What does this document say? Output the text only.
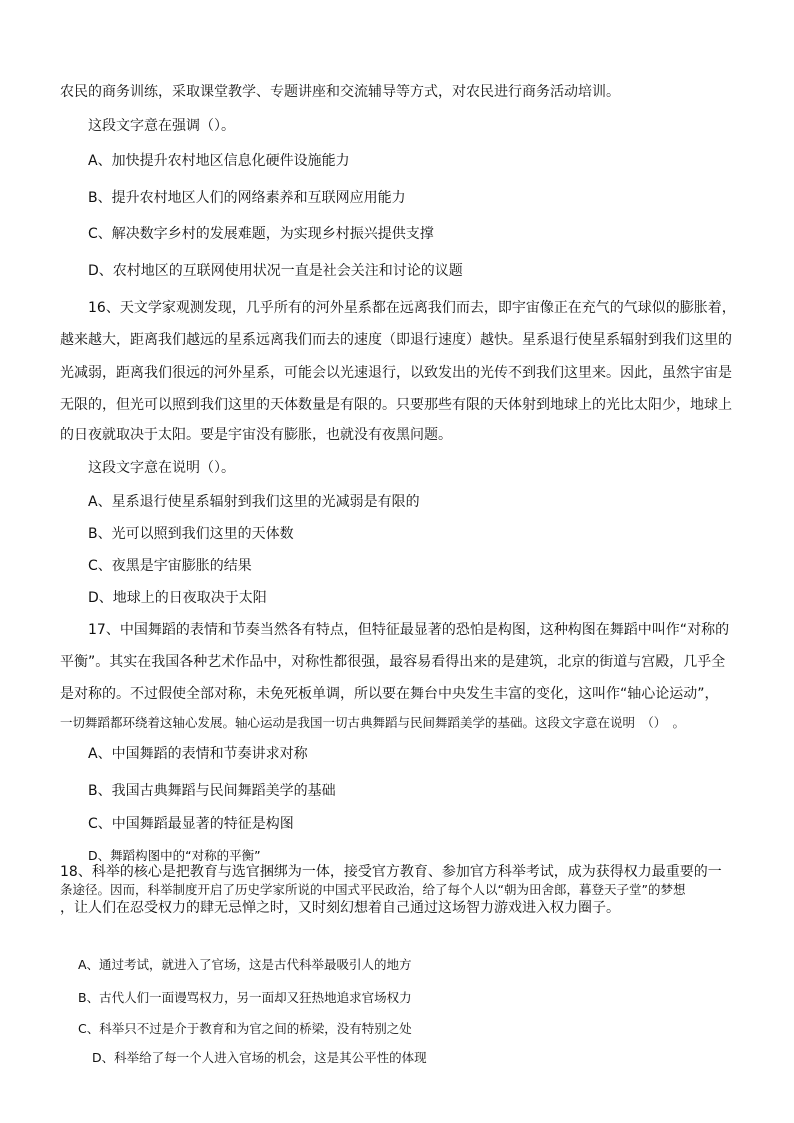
农民的商务训练，采取课堂教学、专题讲座和交流辅导等方式，对农民进行商务活动培训。
这段文字意在强调（）。
A、加快提升农村地区信息化硬件设施能力
B、提升农村地区人们的网络素养和互联网应用能力
C、解决数字乡村的发展难题，为实现乡村振兴提供支撑
D、农村地区的互联网使用状况一直是社会关注和讨论的议题
16、天文学家观测发现，几乎所有的河外星系都在远离我们而去，即宇宙像正在充气的气球似的膨胀着，
越来越大，距离我们越远的星系远离我们而去的速度（即退行速度）越快。星系退行使星系辐射到我们这里的
光减弱，距离我们很远的河外星系，可能会以光速退行，以致发出的光传不到我们这里来。因此，虽然宇宙是
无限的，但光可以照到我们这里的天体数量是有限的。只要那些有限的天体射到地球上的光比太阳少，地球上
的日夜就取决于太阳。要是宇宙没有膨胀，也就没有夜黑问题。
这段文字意在说明（）。
A、星系退行使星系辐射到我们这里的光减弱是有限的
B、光可以照到我们这里的天体数
C、夜黑是宇宙膨胀的结果
D、地球上的日夜取决于太阳
17、中国舞蹈的表情和节奏当然各有特点，但特征最显著的恐怕是构图，这种构图在舞蹈中叫作“对称的
平衡”。其实在我国各种艺术作品中，对称性都很强，最容易看得出来的是建筑，北京的街道与宫殿，几乎全
是对称的。不过假使全部对称，未免死板单调，所以要在舞台中央发生丰富的变化，这叫作“轴心论运动”，
一切舞蹈都环绕着这轴心发展。轴心运动是我国一切古典舞蹈与民间舞蹈美学的基础。这段文字意在说明　（）　。
A、中国舞蹈的表情和节奏讲求对称
B、我国古典舞蹈与民间舞蹈美学的基础
C、中国舞蹈最显著的特征是构图
D、舞蹈构图中的“对称的平衡”
18、科举的核心是把教育与选官捆绑为一体，接受官方教育、参加官方科举考试，成为获得权力最重要的一
条途径。因而，科举制度开启了历史学家所说的中国式平民政治，给了每个人以“朝为田舍郎，暮登天子堂”的梦想
，让人们在忍受权力的肆无忌惮之时，又时刻幻想着自己通过这场智力游戏进入权力圈子。
A、通过考试，就进入了官场，这是古代科举最吸引人的地方
B、古代人们一面谩骂权力，另一面却又狂热地追求官场权力
C、科举只不过是介于教育和为官之间的桥梁，没有特别之处
D、科举给了每一个人进入官场的机会，这是其公平性的体现
